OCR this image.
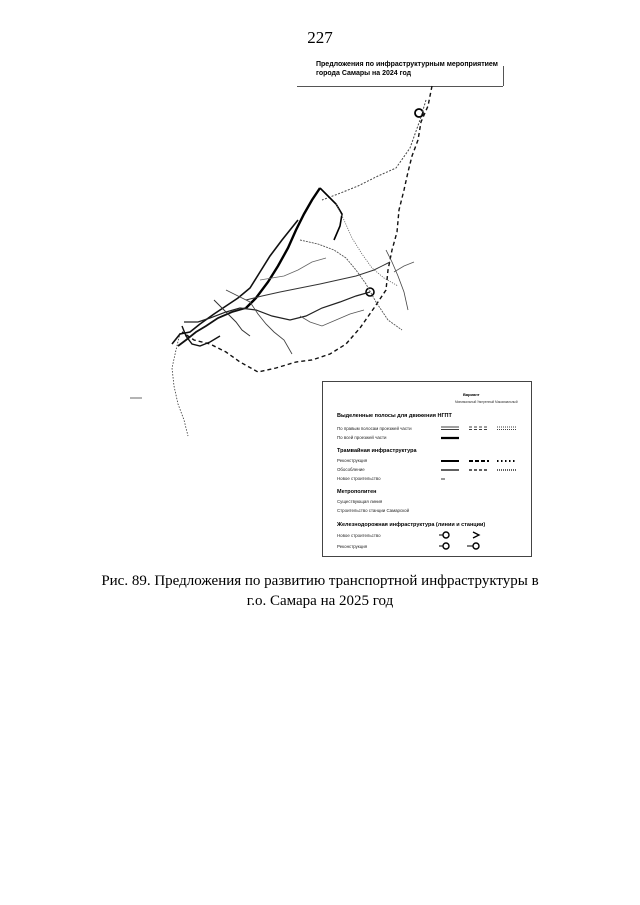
227
Предложения по инфраструктурным мероприятием
города Самары на 2024 год
Вариант
Минимальный Умеренный Максимальный
Выделенные полосы для движения НГПТ
По правым полосам проезжей части
По всей проезжей части
Трамвайная инфраструктура
Реконструкция
Обособление
Новое строительство
Метрополитен
Существующая линия
Строительство станции Самарской
Железнодорожная инфраструктура (линии и станции)
Новое строительство
Реконструкция
Рис. 89. Предложения по развитию транспортной инфраструктуры в
г.о. Самара на 2025 год
